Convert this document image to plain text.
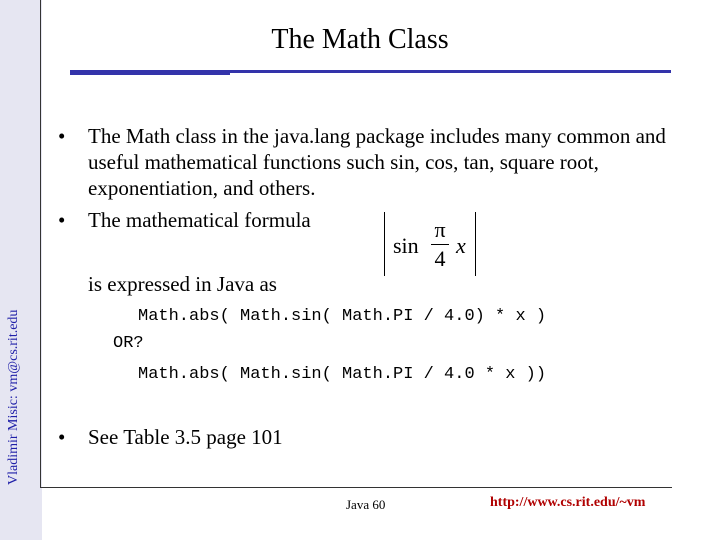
Vladimir Misic: vm@cs.rit.edu
The Math Class
• The Math class in the java.lang package includes many common and useful mathematical functions such sin, cos, tan, square root, exponentiation, and others.
• The mathematical formula
sin
π
4
x
is expressed in Java as
Math.abs( Math.sin( Math.PI / 4.0) * x )
OR?
Math.abs( Math.sin( Math.PI / 4.0 * x ))
• See Table 3.5 page 101
Java 60	http://www.cs.rit.edu/~vm
